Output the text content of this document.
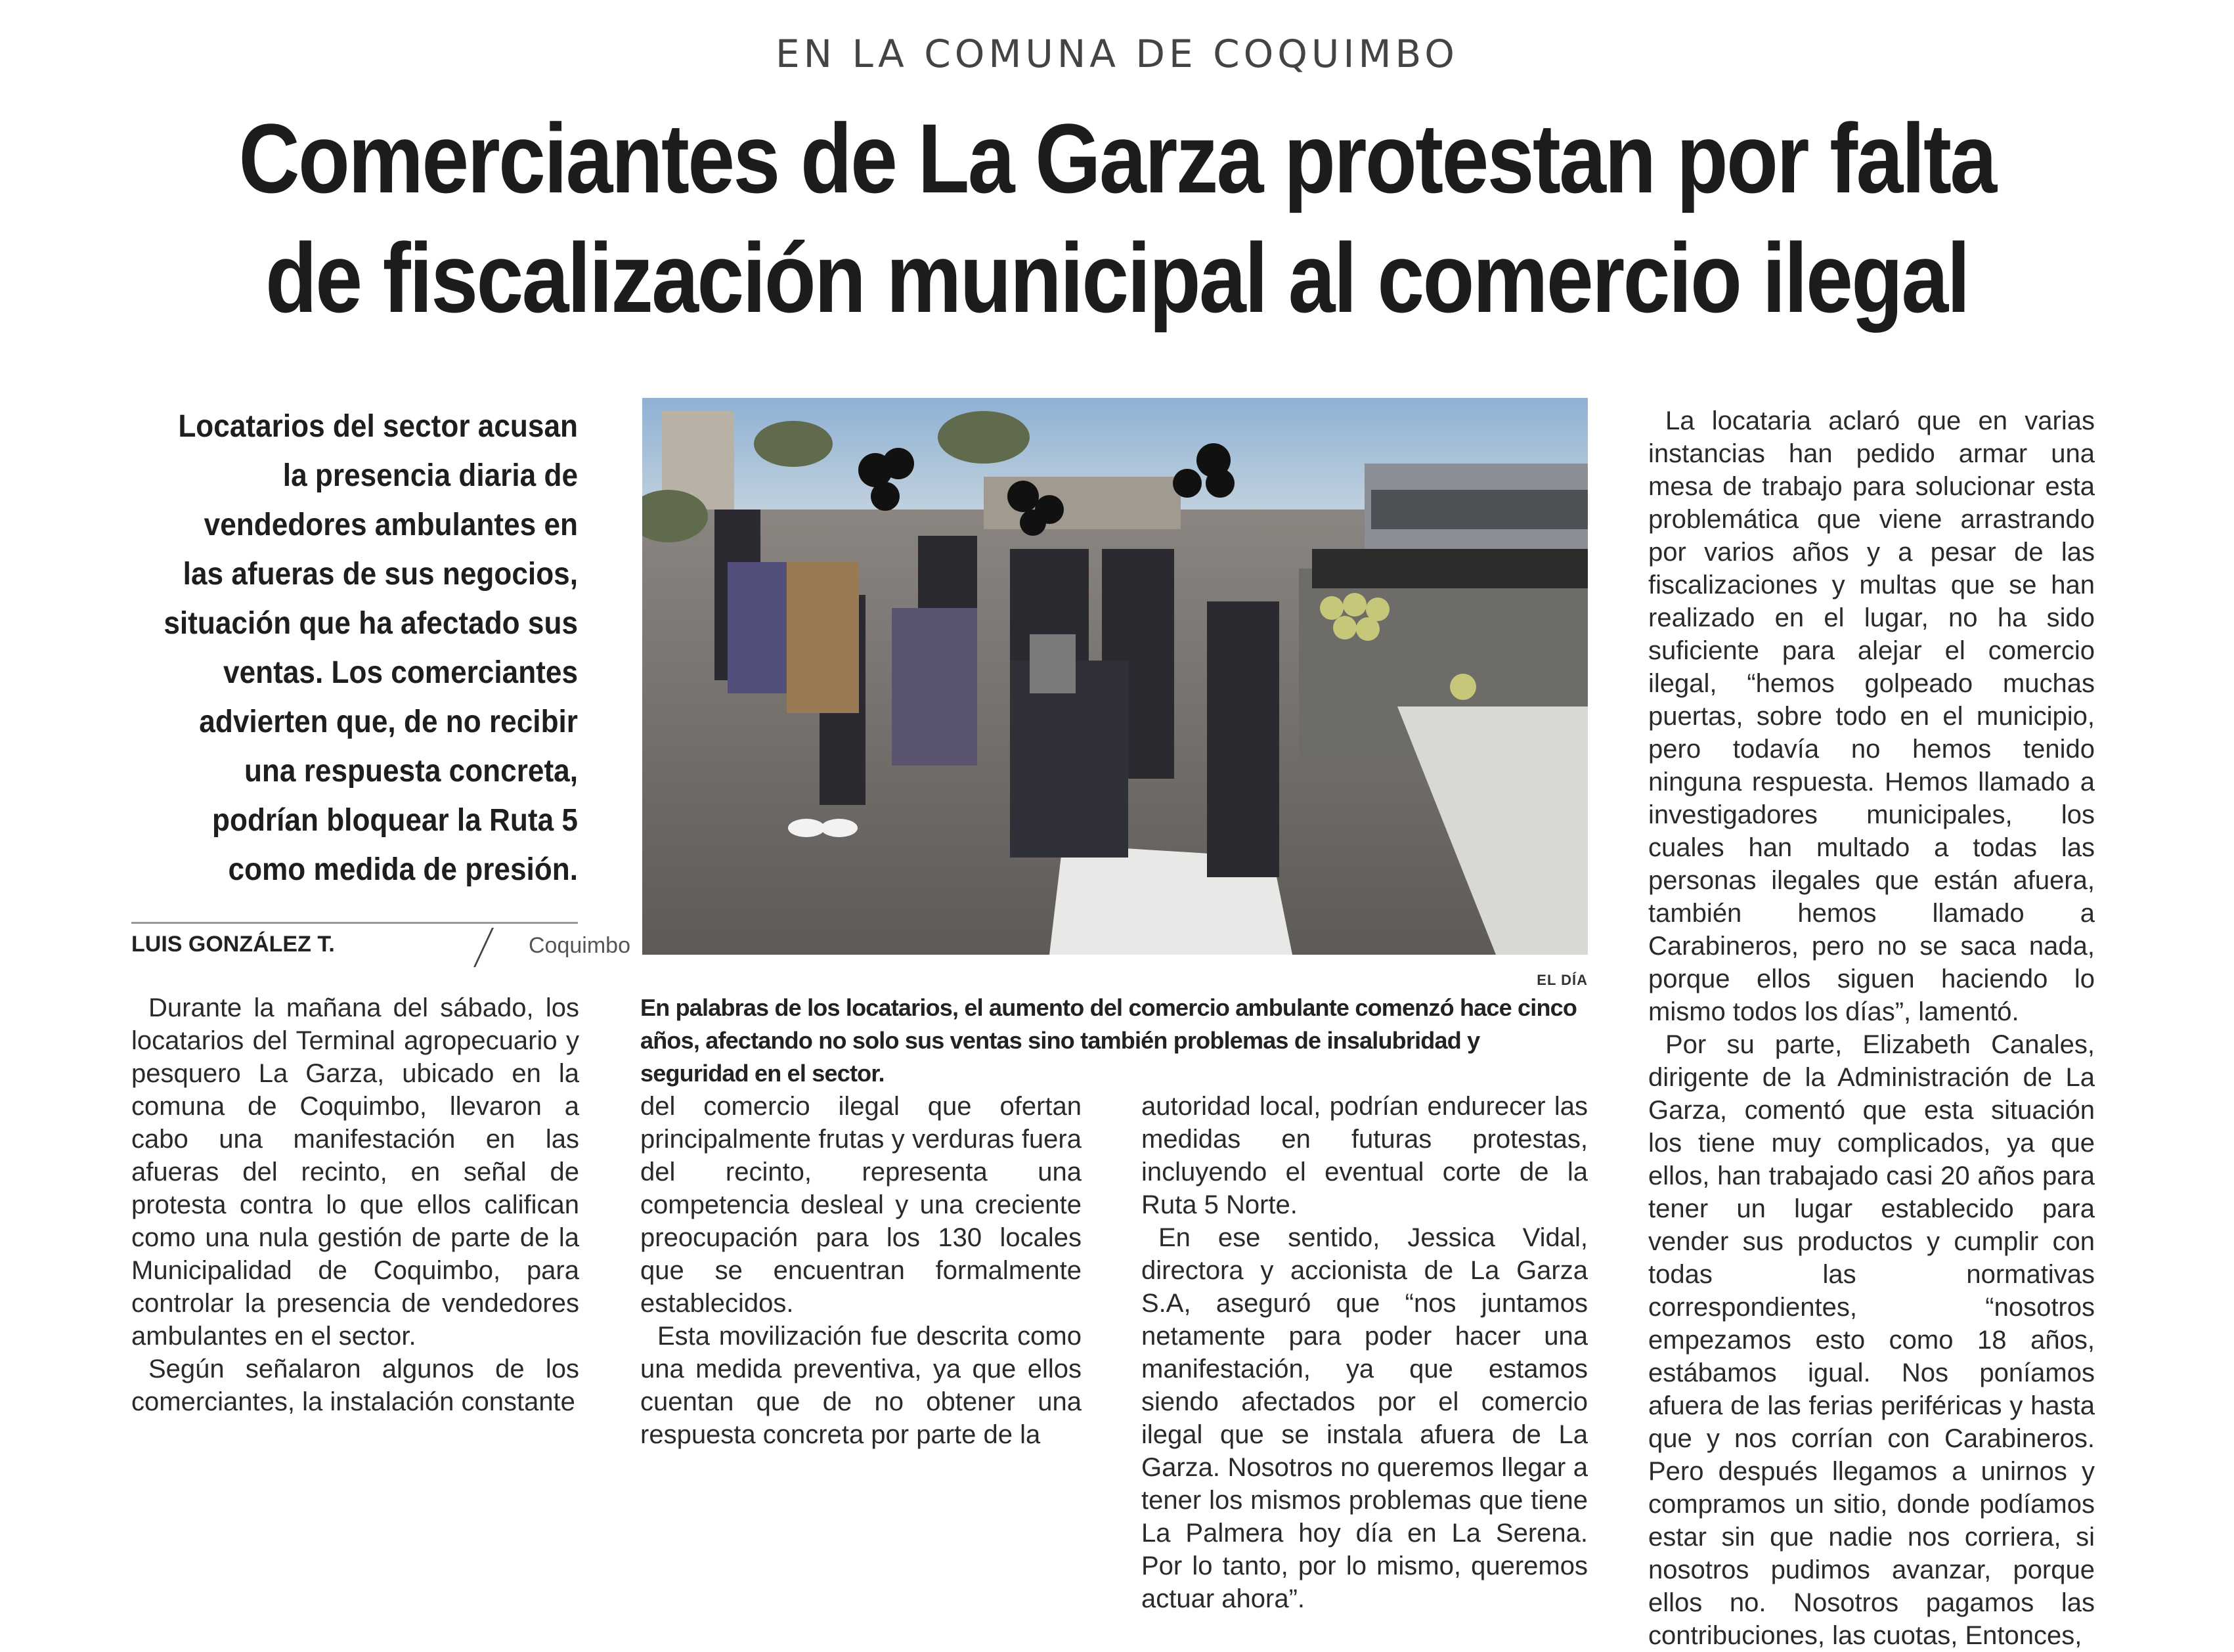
EN LA COMUNA DE COQUIMBO
Comerciantes de La Garza protestan por falta
de fiscalización municipal al comercio ilegal
Locatarios del sector acusan la presencia diaria de vendedores ambulantes en las afueras de sus negocios, situación que ha afectado sus ventas. Los comerciantes advierten que, de no recibir una respuesta concreta, podrían bloquear la Ruta 5 como medida de presión.
LUIS GONZÁLEZ T.	Coquimbo
EL DÍA
En palabras de los locatarios, el aumento del comercio ambulante comenzó hace cinco años, afectando no solo sus ventas sino también problemas de insalubridad y seguridad en el sector.

Durante la mañana del sábado, los locatarios del Terminal agropecuario y pesquero La Garza, ubicado en la comuna de Coquimbo, llevaron a cabo una manifestación en las afueras del recinto, en señal de protesta contra lo que ellos califican como una nula gestión de parte de la Municipalidad de Coquimbo, para controlar la presencia de vendedores ambulantes en el sector.

Según señalaron algunos de los comerciantes, la instalación constante

del comercio ilegal que ofertan principalmente frutas y verduras fuera del recinto, representa una competencia desleal y una creciente preocupación para los 130 locales que se encuentran formalmente establecidos.

Esta movilización fue descrita como una medida preventiva, ya que ellos cuentan que de no obtener una respuesta concreta por parte de la

autoridad local, podrían endurecer las medidas en futuras protestas, incluyendo el eventual corte de la Ruta 5 Norte.

En ese sentido, Jessica Vidal, directora y accionista de La Garza S.A, aseguró que “nos juntamos netamente para poder hacer una manifestación, ya que estamos siendo afectados por el comercio ilegal que se instala afuera de La Garza. Nosotros no queremos llegar a tener los mismos problemas que tiene La Palmera hoy día en La Serena. Por lo tanto, por lo mismo, queremos actuar ahora”.

La locataria aclaró que en varias instancias han pedido armar una mesa de trabajo para solucionar esta problemática que viene arrastrando por varios años y a pesar de las fiscalizaciones y multas que se han realizado en el lugar, no ha sido suficiente para alejar el comercio ilegal, “hemos golpeado muchas puertas, sobre todo en el municipio, pero todavía no hemos tenido ninguna respuesta. Hemos llamado a investigadores municipales, los cuales han multado a todas las personas ilegales que están afuera, también hemos llamado a Carabineros, pero no se saca nada, porque ellos siguen haciendo lo mismo todos los días”, lamentó.

Por su parte, Elizabeth Canales, dirigente de la Administración de La Garza, comentó que esta situación los tiene muy complicados, ya que ellos, han trabajado casi 20 años para tener un lugar establecido para vender sus productos y cumplir con todas las normativas correspondientes, “nosotros empezamos esto como 18 años, estábamos igual. Nos poníamos afuera de las ferias periféricas y hasta que y nos corrían con Carabineros. Pero después llegamos a unirnos y compramos un sitio, donde podíamos estar sin que nadie nos corriera, si nosotros pudimos avanzar, porque ellos no. Nosotros pagamos las contribuciones, las cuotas, Entonces,
